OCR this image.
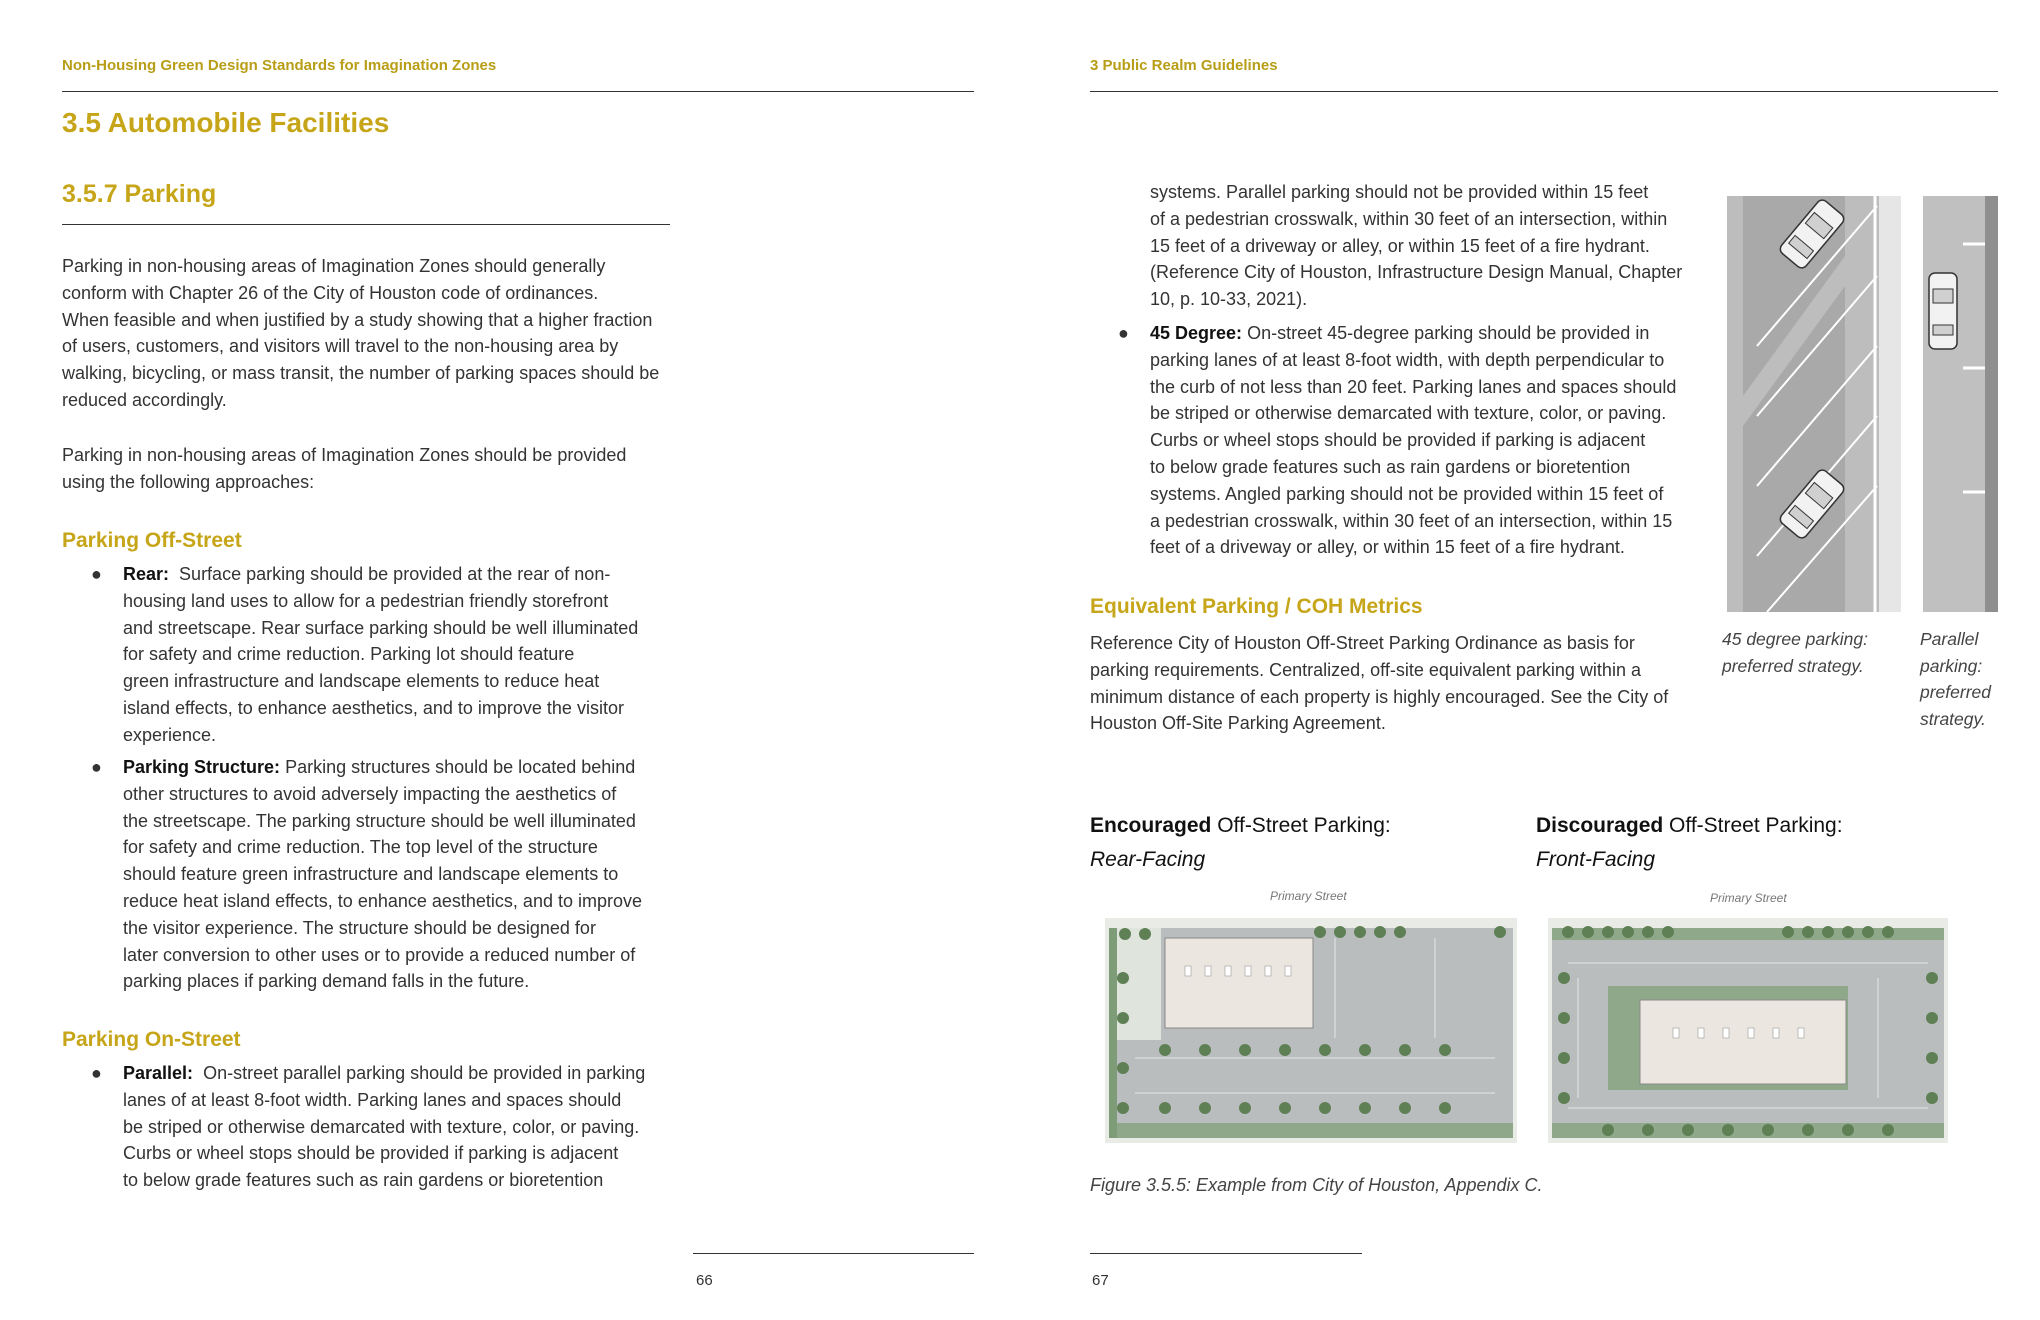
Non-Housing Green Design Standards for Imagination Zones
3.5 Automobile Facilities
3.5.7 Parking
Parking in non-housing areas of Imagination Zones should generally
conform with Chapter 26 of the City of Houston code of ordinances.
When feasible and when justified by a study showing that a higher fraction
of users, customers, and visitors will travel to the non-housing area by
walking, bicycling, or mass transit, the number of parking spaces should be
reduced accordingly.
Parking in non-housing areas of Imagination Zones should be provided
using the following approaches:
Parking Off-Street
● Rear: Surface parking should be provided at the rear of non-
housing land uses to allow for a pedestrian friendly storefront
and streetscape. Rear surface parking should be well illuminated
for safety and crime reduction. Parking lot should feature
green infrastructure and landscape elements to reduce heat
island effects, to enhance aesthetics, and to improve the visitor
experience.
● Parking Structure: Parking structures should be located behind
other structures to avoid adversely impacting the aesthetics of
the streetscape. The parking structure should be well illuminated
for safety and crime reduction. The top level of the structure
should feature green infrastructure and landscape elements to
reduce heat island effects, to enhance aesthetics, and to improve
the visitor experience. The structure should be designed for
later conversion to other uses or to provide a reduced number of
parking places if parking demand falls in the future.
Parking On-Street
● Parallel: On-street parallel parking should be provided in parking
lanes of at least 8-foot width. Parking lanes and spaces should
be striped or otherwise demarcated with texture, color, or paving.
Curbs or wheel stops should be provided if parking is adjacent
to below grade features such as rain gardens or bioretention
66
3 Public Realm Guidelines
systems. Parallel parking should not be provided within 15 feet
of a pedestrian crosswalk, within 30 feet of an intersection, within
15 feet of a driveway or alley, or within 15 feet of a fire hydrant.
(Reference City of Houston, Infrastructure Design Manual, Chapter
10, p. 10-33, 2021).
● 45 Degree: On-street 45-degree parking should be provided in
parking lanes of at least 8-foot width, with depth perpendicular to
the curb of not less than 20 feet. Parking lanes and spaces should
be striped or otherwise demarcated with texture, color, or paving.
Curbs or wheel stops should be provided if parking is adjacent
to below grade features such as rain gardens or bioretention
systems. Angled parking should not be provided within 15 feet of
a pedestrian crosswalk, within 30 feet of an intersection, within 15
feet of a driveway or alley, or within 15 feet of a fire hydrant.
Equivalent Parking / COH Metrics
Reference City of Houston Off-Street Parking Ordinance as basis for
parking requirements. Centralized, off-site equivalent parking within a
minimum distance of each property is highly encouraged. See the City of
Houston Off-Site Parking Agreement.
45 degree parking:
preferred strategy.
Parallel
parking:
preferred
strategy.
Encouraged Off-Street Parking:
Rear-Facing
Discouraged Off-Street Parking:
Front-Facing
Primary Street	Primary Street
Figure 3.5.5: Example from City of Houston, Appendix C.
67
